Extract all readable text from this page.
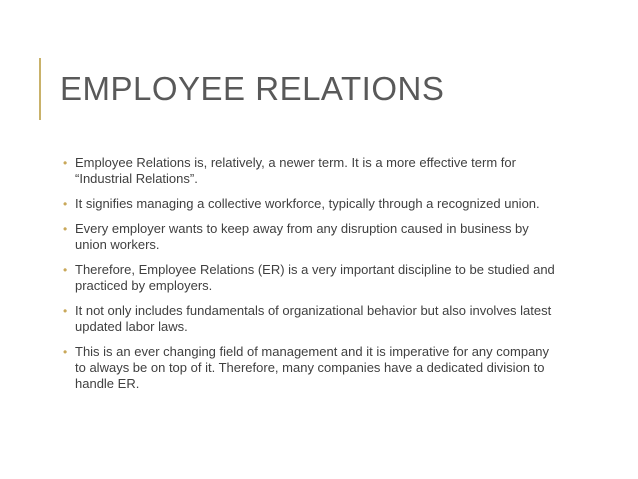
EMPLOYEE RELATIONS
• Employee Relations is, relatively, a newer term. It is a more effective term for “Industrial Relations”.
• It signifies managing a collective workforce, typically through a recognized union.
• Every employer wants to keep away from any disruption caused in business by union workers.
• Therefore, Employee Relations (ER) is a very important discipline to be studied and practiced by employers.
• It not only includes fundamentals of organizational behavior but also involves latest updated labor laws.
• This is an ever changing field of management and it is imperative for any company to always be on top of it. Therefore, many companies have a dedicated division to handle ER.
